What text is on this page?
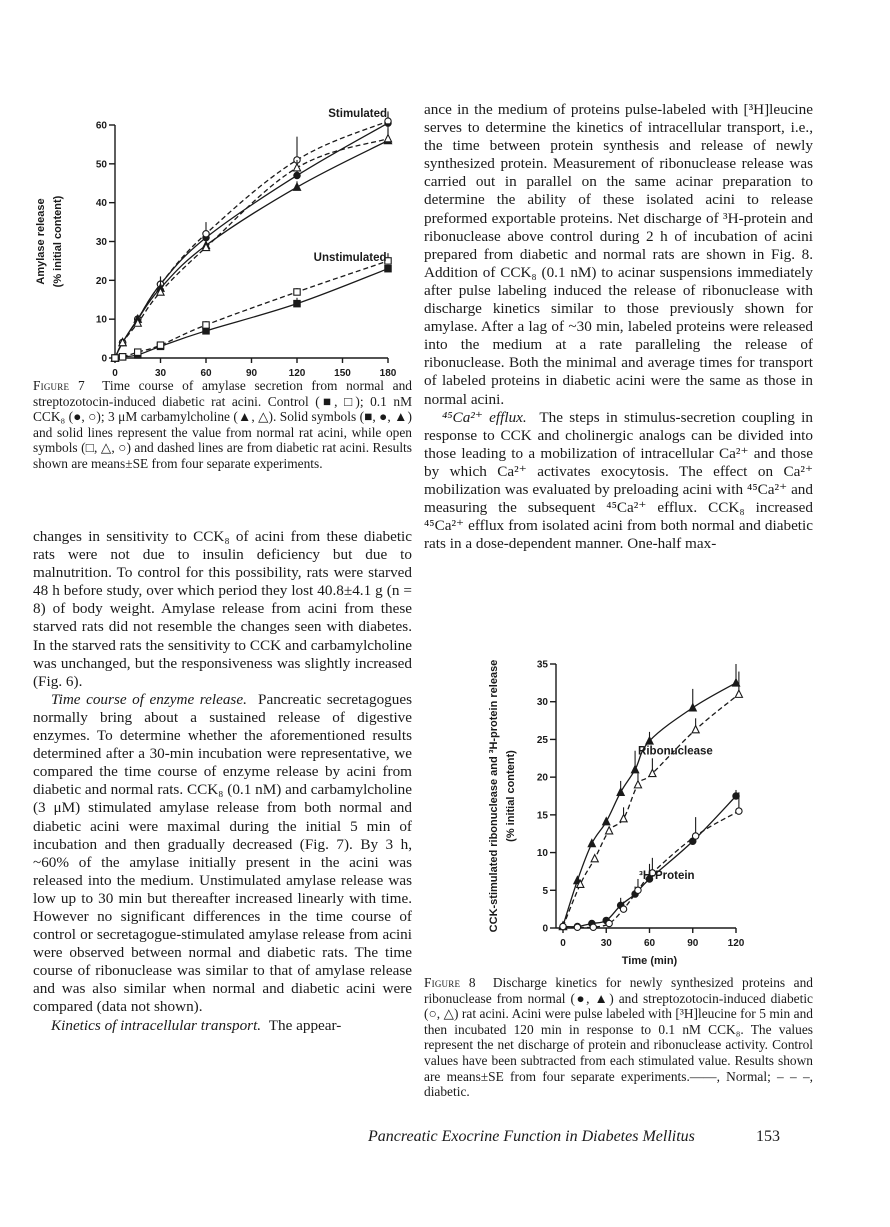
0	30	60	90	120	150	180
0
10
20
30
40
50
60
Amylase release (% initial content)
Stimulated
Unstimulated

Figure 7 Time course of amylase secretion from normal and streptozotocin-induced diabetic rat acini. Control (■, □); 0.1 nM CCK₈ (●, ○); 3 μM carbamylcholine (▲, △). Solid symbols (■, ●, ▲) and solid lines represent the value from normal rat acini, while open symbols (□, △, ○) and dashed lines are from diabetic rat acini. Results shown are means±SE from four separate experiments.

changes in sensitivity to CCK₈ of acini from these diabetic rats were not due to insulin deficiency but due to malnutrition. To control for this possibility, rats were starved 48 h before study, over which period they lost 40.8±4.1 g (n = 8) of body weight. Amylase release from acini from these starved rats did not resemble the changes seen with diabetes. In the starved rats the sensitivity to CCK and carbamylcholine was unchanged, but the responsiveness was slightly increased (Fig. 6).

Time course of enzyme release. Pancreatic secretagogues normally bring about a sustained release of digestive enzymes. To determine whether the aforementioned results determined after a 30-min incubation were representative, we compared the time course of enzyme release by acini from diabetic and normal rats. CCK₈ (0.1 nM) and carbamylcholine (3 μM) stimulated amylase release from both normal and diabetic acini were maximal during the initial 5 min of incubation and then gradually decreased (Fig. 7). By 3 h, ~60% of the amylase initially present in the acini was released into the medium. Unstimulated amylase release was low up to 30 min but thereafter increased linearly with time. However no significant differences in the time course of control or secretagogue-stimulated amylase release from acini were observed between normal and diabetic rats. The time course of ribonuclease was similar to that of amylase release and was also similar when normal and diabetic acini were compared (data not shown).

Kinetics of intracellular transport. The appear-

ance in the medium of proteins pulse-labeled with [³H]leucine serves to determine the kinetics of intracellular transport, i.e., the time between protein synthesis and release of newly synthesized protein. Measurement of ribonuclease release was carried out in parallel on the same acinar preparation to determine the ability of these isolated acini to release preformed exportable proteins. Net discharge of ³H-protein and ribonuclease above control during 2 h of incubation of acini prepared from diabetic and normal rats are shown in Fig. 8. Addition of CCK₈ (0.1 nM) to acinar suspensions immediately after pulse labeling induced the release of ribonuclease with discharge kinetics similar to those previously shown for amylase. After a lag of ~30 min, labeled proteins were released into the medium at a rate paralleling the release of ribonuclease. Both the minimal and average times for transport of labeled proteins in diabetic acini were the same as those in normal acini.

⁴⁵Ca²⁺ efflux. The steps in stimulus-secretion coupling in response to CCK and cholinergic analogs can be divided into those leading to a mobilization of intracellular Ca²⁺ and those by which Ca²⁺ activates exocytosis. The effect on Ca²⁺ mobilization was evaluated by preloading acini with ⁴⁵Ca²⁺ and measuring the subsequent ⁴⁵Ca²⁺ efflux. CCK₈ increased ⁴⁵Ca²⁺ efflux from isolated acini from both normal and diabetic rats in a dose-dependent manner. One-half max-

0	30	60	90	120
0
5
10
15
20
25
30
35
Time (min)
CCK-stimulated ribonuclease and ³H-protein release (% initial content)	Ribonuclease
³H-Protein

Figure 8 Discharge kinetics for newly synthesized proteins and ribonuclease from normal (●, ▲) and streptozotocin-induced diabetic (○, △) rat acini. Acini were pulse labeled with [³H]leucine for 5 min and then incubated 120 min in response to 0.1 nM CCK₈. The values represent the net discharge of protein and ribonuclease activity. Control values have been subtracted from each stimulated value. Results shown are means±SE from four separate experiments.——, Normal; – – –, diabetic.

Pancreatic Exocrine Function in Diabetes Mellitus	153
